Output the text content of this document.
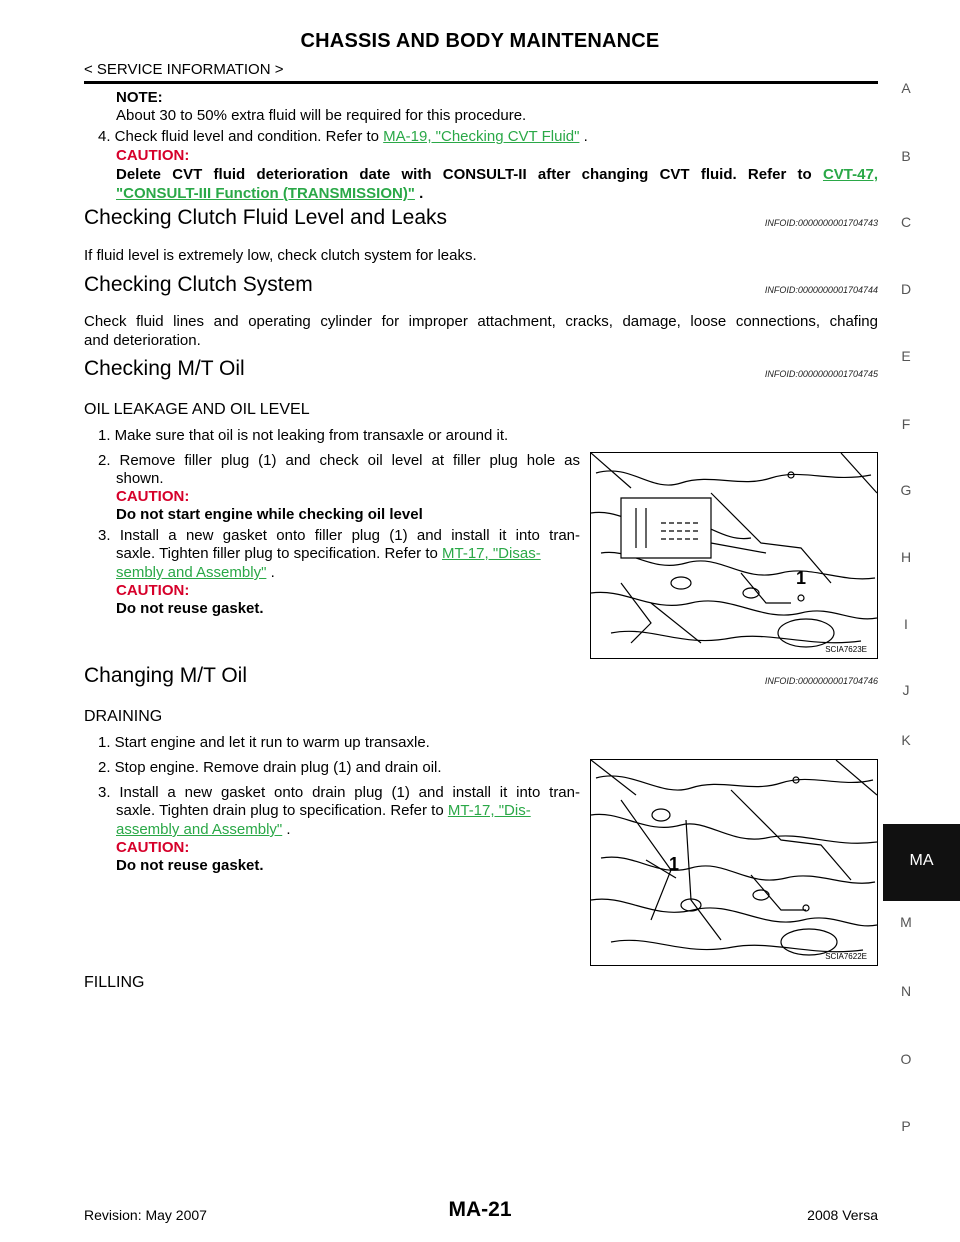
CHASSIS AND BODY MAINTENANCE
< SERVICE INFORMATION >
A
B
C
D
E
F
G
H
I
J
K
M
N
O
P
MA
NOTE:
About 30 to 50% extra fluid will be required for this procedure.
4. Check fluid level and condition. Refer to MA-19, "Checking CVT Fluid" .
CAUTION:
Delete CVT fluid deterioration date with CONSULT-II after changing CVT fluid. Refer to CVT-47,
"CONSULT-III Function (TRANSMISSION)" .
Checking Clutch Fluid Level and Leaks	INFOID:0000000001704743
If fluid level is extremely low, check clutch system for leaks.
Checking Clutch System	INFOID:0000000001704744
Check fluid lines and operating cylinder for improper attachment, cracks, damage, loose connections, chafing
and deterioration.
Checking M/T Oil	INFOID:0000000001704745
OIL LEAKAGE AND OIL LEVEL
1. Make sure that oil is not leaking from transaxle or around it.
2. Remove filler plug (1) and check oil level at filler plug hole as
shown.
CAUTION:
Do not start engine while checking oil level
3. Install a new gasket onto filler plug (1) and install it into tran-
saxle. Tighten filler plug to specification. Refer to MT-17, "Disas-
sembly and Assembly" .
CAUTION:
Do not reuse gasket.
1
SCIA7623E
Changing M/T Oil	INFOID:0000000001704746
DRAINING
1. Start engine and let it run to warm up transaxle.
2. Stop engine. Remove drain plug (1) and drain oil.
3. Install a new gasket onto drain plug (1) and install it into tran-
saxle. Tighten drain plug to specification. Refer to MT-17, "Dis-
assembly and Assembly" .
CAUTION:
Do not reuse gasket.	1
SCIA7622E
FILLING
Revision: May 2007	MA-21	2008 Versa
